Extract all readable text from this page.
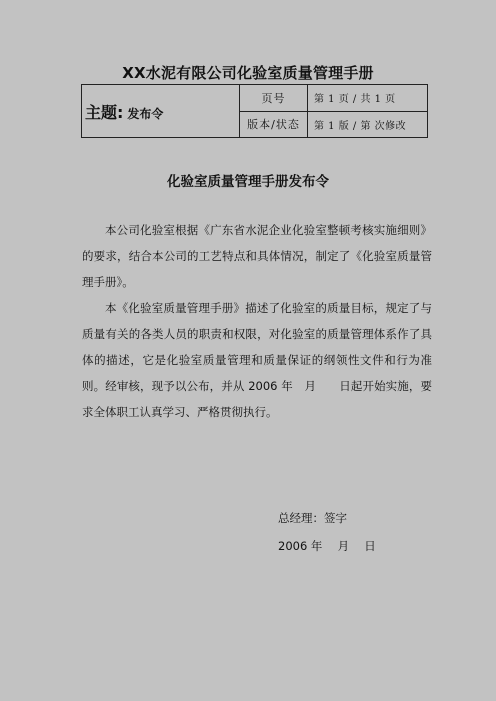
XX水泥有限公司化验室质量管理手册
主题: 发布令	页号	第 1 页 / 共 1 页
	版本/状态	第 1 版 / 第 次修改
化验室质量管理手册发布令

本公司化验室根据《广东省水泥企业化验室整顿考核实施细则》的要求，结合本公司的工艺特点和具体情况，制定了《化验室质量管理手册》。

本《化验室质量管理手册》描述了化验室的质量目标，规定了与质量有关的各类人员的职责和权限，对化验室的质量管理体系作了具体的描述，它是化验室质量管理和质量保证的纲领性文件和行为准则。经审核，现予以公布，并从 2006 年　月　　日起开始实施，要求全体职工认真学习、严格贯彻执行。

总经理：签字
2006 年　 月　 日
